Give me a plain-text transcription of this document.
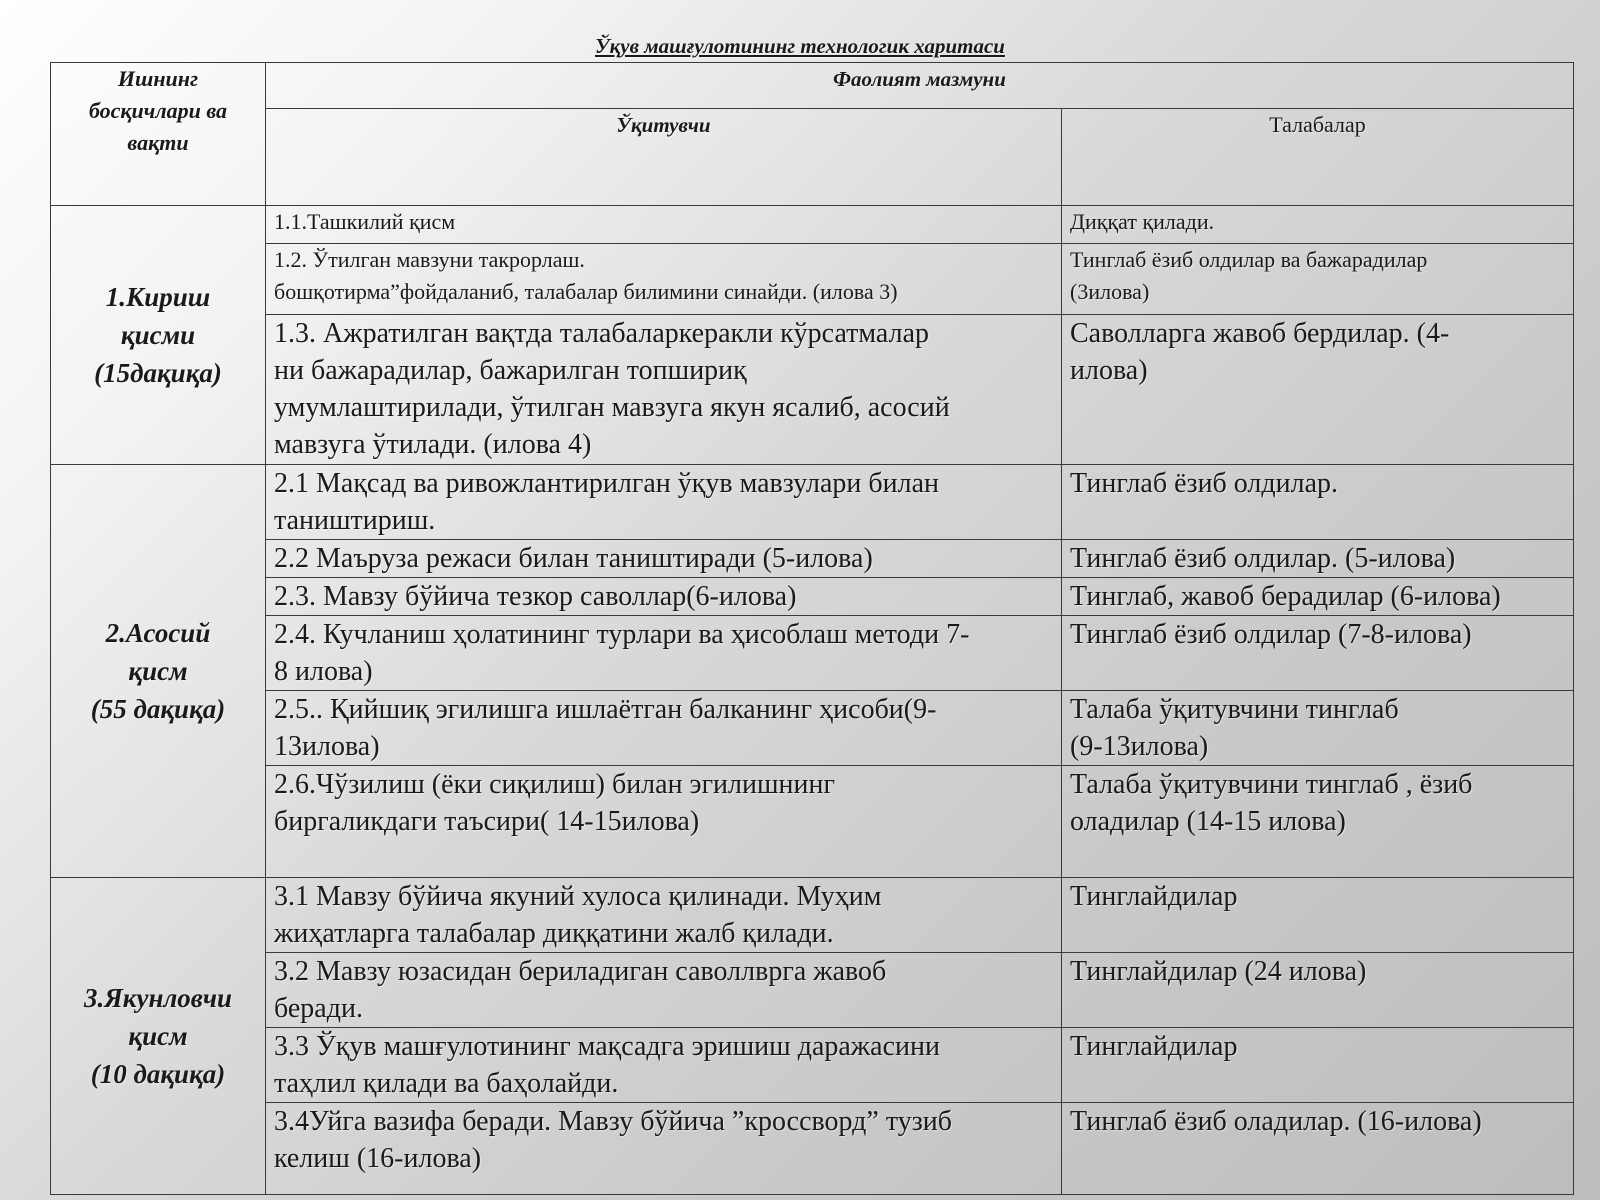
Ўқув машғулотининг технологик харитаси
Ишнинг
босқичлари ва
вақти	Фаолият мазмуни	
	Ўқитувчи	Талабалар
1.Кириш
қисми
(15дақиқа)	1.1.Ташкилий қисм	Диққат қилади.
	1.2. Ўтилган мавзуни такрорлаш.
бошқотирма”фойдаланиб, талабалар билимини синайди. (илова 3)	Тинглаб ёзиб олдилар ва бажарадилар
(3илова)
	1.3. Ажратилган вақтда талабаларкеракли кўрсатмалар
ни бажарадилар, бажарилган топшириқ
умумлаштирилади, ўтилган мавзуга якун ясалиб, асосий
мавзуга ўтилади. (илова 4)	Саволларга жавоб бердилар. (4-
илова)
2.Асосий
қисм
(55 дақиқа)	2.1 Мақсад ва ривожлантирилган ўқув мавзулари билан
таништириш.	Тинглаб ёзиб олдилар.
	2.2 Маъруза режаси билан таништиради (5-илова)	Тинглаб ёзиб олдилар. (5-илова)
	2.3. Мавзу бўйича тезкор саволлар(6-илова)	Тинглаб, жавоб берадилар (6-илова)
	2.4. Кучланиш ҳолатининг турлари ва ҳисоблаш методи 7-
8 илова)	Тинглаб ёзиб олдилар (7-8-илова)
	2.5.. Қийшиқ эгилишга ишлаётган балканинг ҳисоби(9-
13илова)	Талаба ўқитувчини тинглаб
(9-13илова)
	2.6.Чўзилиш (ёки сиқилиш) билан эгилишнинг
биргаликдаги таъсири( 14-15илова)	Талаба ўқитувчини тинглаб , ёзиб
оладилар (14-15 илова)
3.Якунловчи
қисм
(10 дақиқа)	3.1 Мавзу бўйича якуний хулоса қилинади. Муҳим
жиҳатларга талабалар диққатини жалб қилади.	Тинглайдилар
	3.2 Мавзу юзасидан бериладиган саволлврга жавоб
беради.	Тинглайдилар (24 илова)
	3.3 Ўқув машғулотининг мақсадга эришиш даражасини
таҳлил қилади ва баҳолайди.	Тинглайдилар
	3.4Уйга вазифа беради. Мавзу бўйича ”кроссворд” тузиб
келиш (16-илова)	Тинглаб ёзиб оладилар. (16-илова)
